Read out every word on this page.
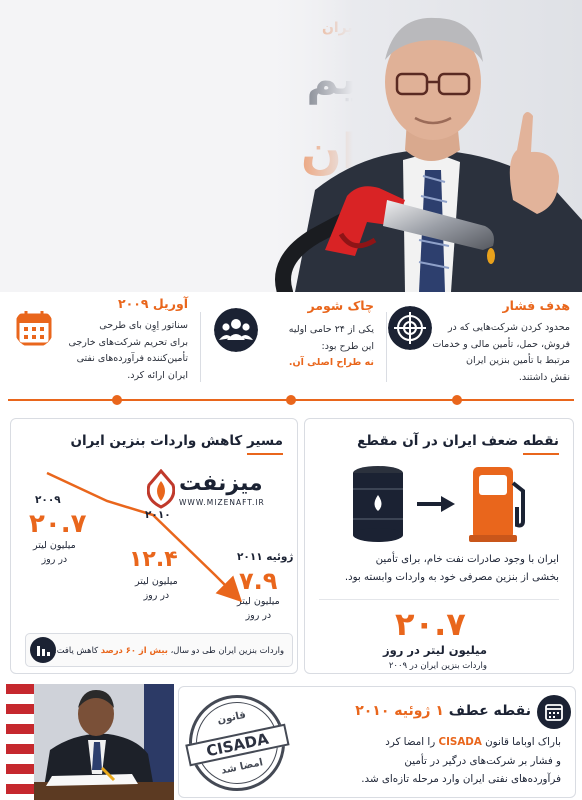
هدف فشار
محدود کردن شرکت‌هایی که در
فروش، حمل، تأمین مالی و خدمات
مرتبط با تأمین بنزین ایران
نقش داشتند.
چاک شومر
یکی از ۲۴ حامی اولیه
این طرح بود:
نه طراح اصلی آن.
آوریل ۲۰۰۹
سناتور اِوِن بای طرحی
برای تحریم شرکت‌های خارجی
تأمین‌کننده فرآورده‌های نفتی
ایران ارائه کرد.
مسیر کاهش واردات بنزین ایران
میزنفت
WWW.MIZENAFT.IR
۲۰۰۹
۲۰.۷
میلیون لیتر
در روز
۲۰۱۰
۱۲.۴
میلیون لیتر
در روز
ژوئیه ۲۰۱۱
۷.۹
میلیون لیتر
در روز
واردات بنزین ایران طی دو سال، بیش از ۶۰ درصد کاهش یافت.
نقطه ضعف ایران در آن مقطع
ایران با وجود صادرات نفت خام، برای تأمین
بخشی از بنزین مصرفی خود به واردات وابسته بود.
۲۰.۷
میلیون لیتر در روز
واردات بنزین ایران در ۲۰۰۹
نقطه عطف ۱ ژوئیه ۲۰۱۰
باراک اوباما قانون CISADA را امضا کرد
و فشار بر شرکت‌های درگیر در تأمین
فرآورده‌های نفتی ایران وارد مرحله تازه‌ای شد.
قانون
CISADA
امضا شد
